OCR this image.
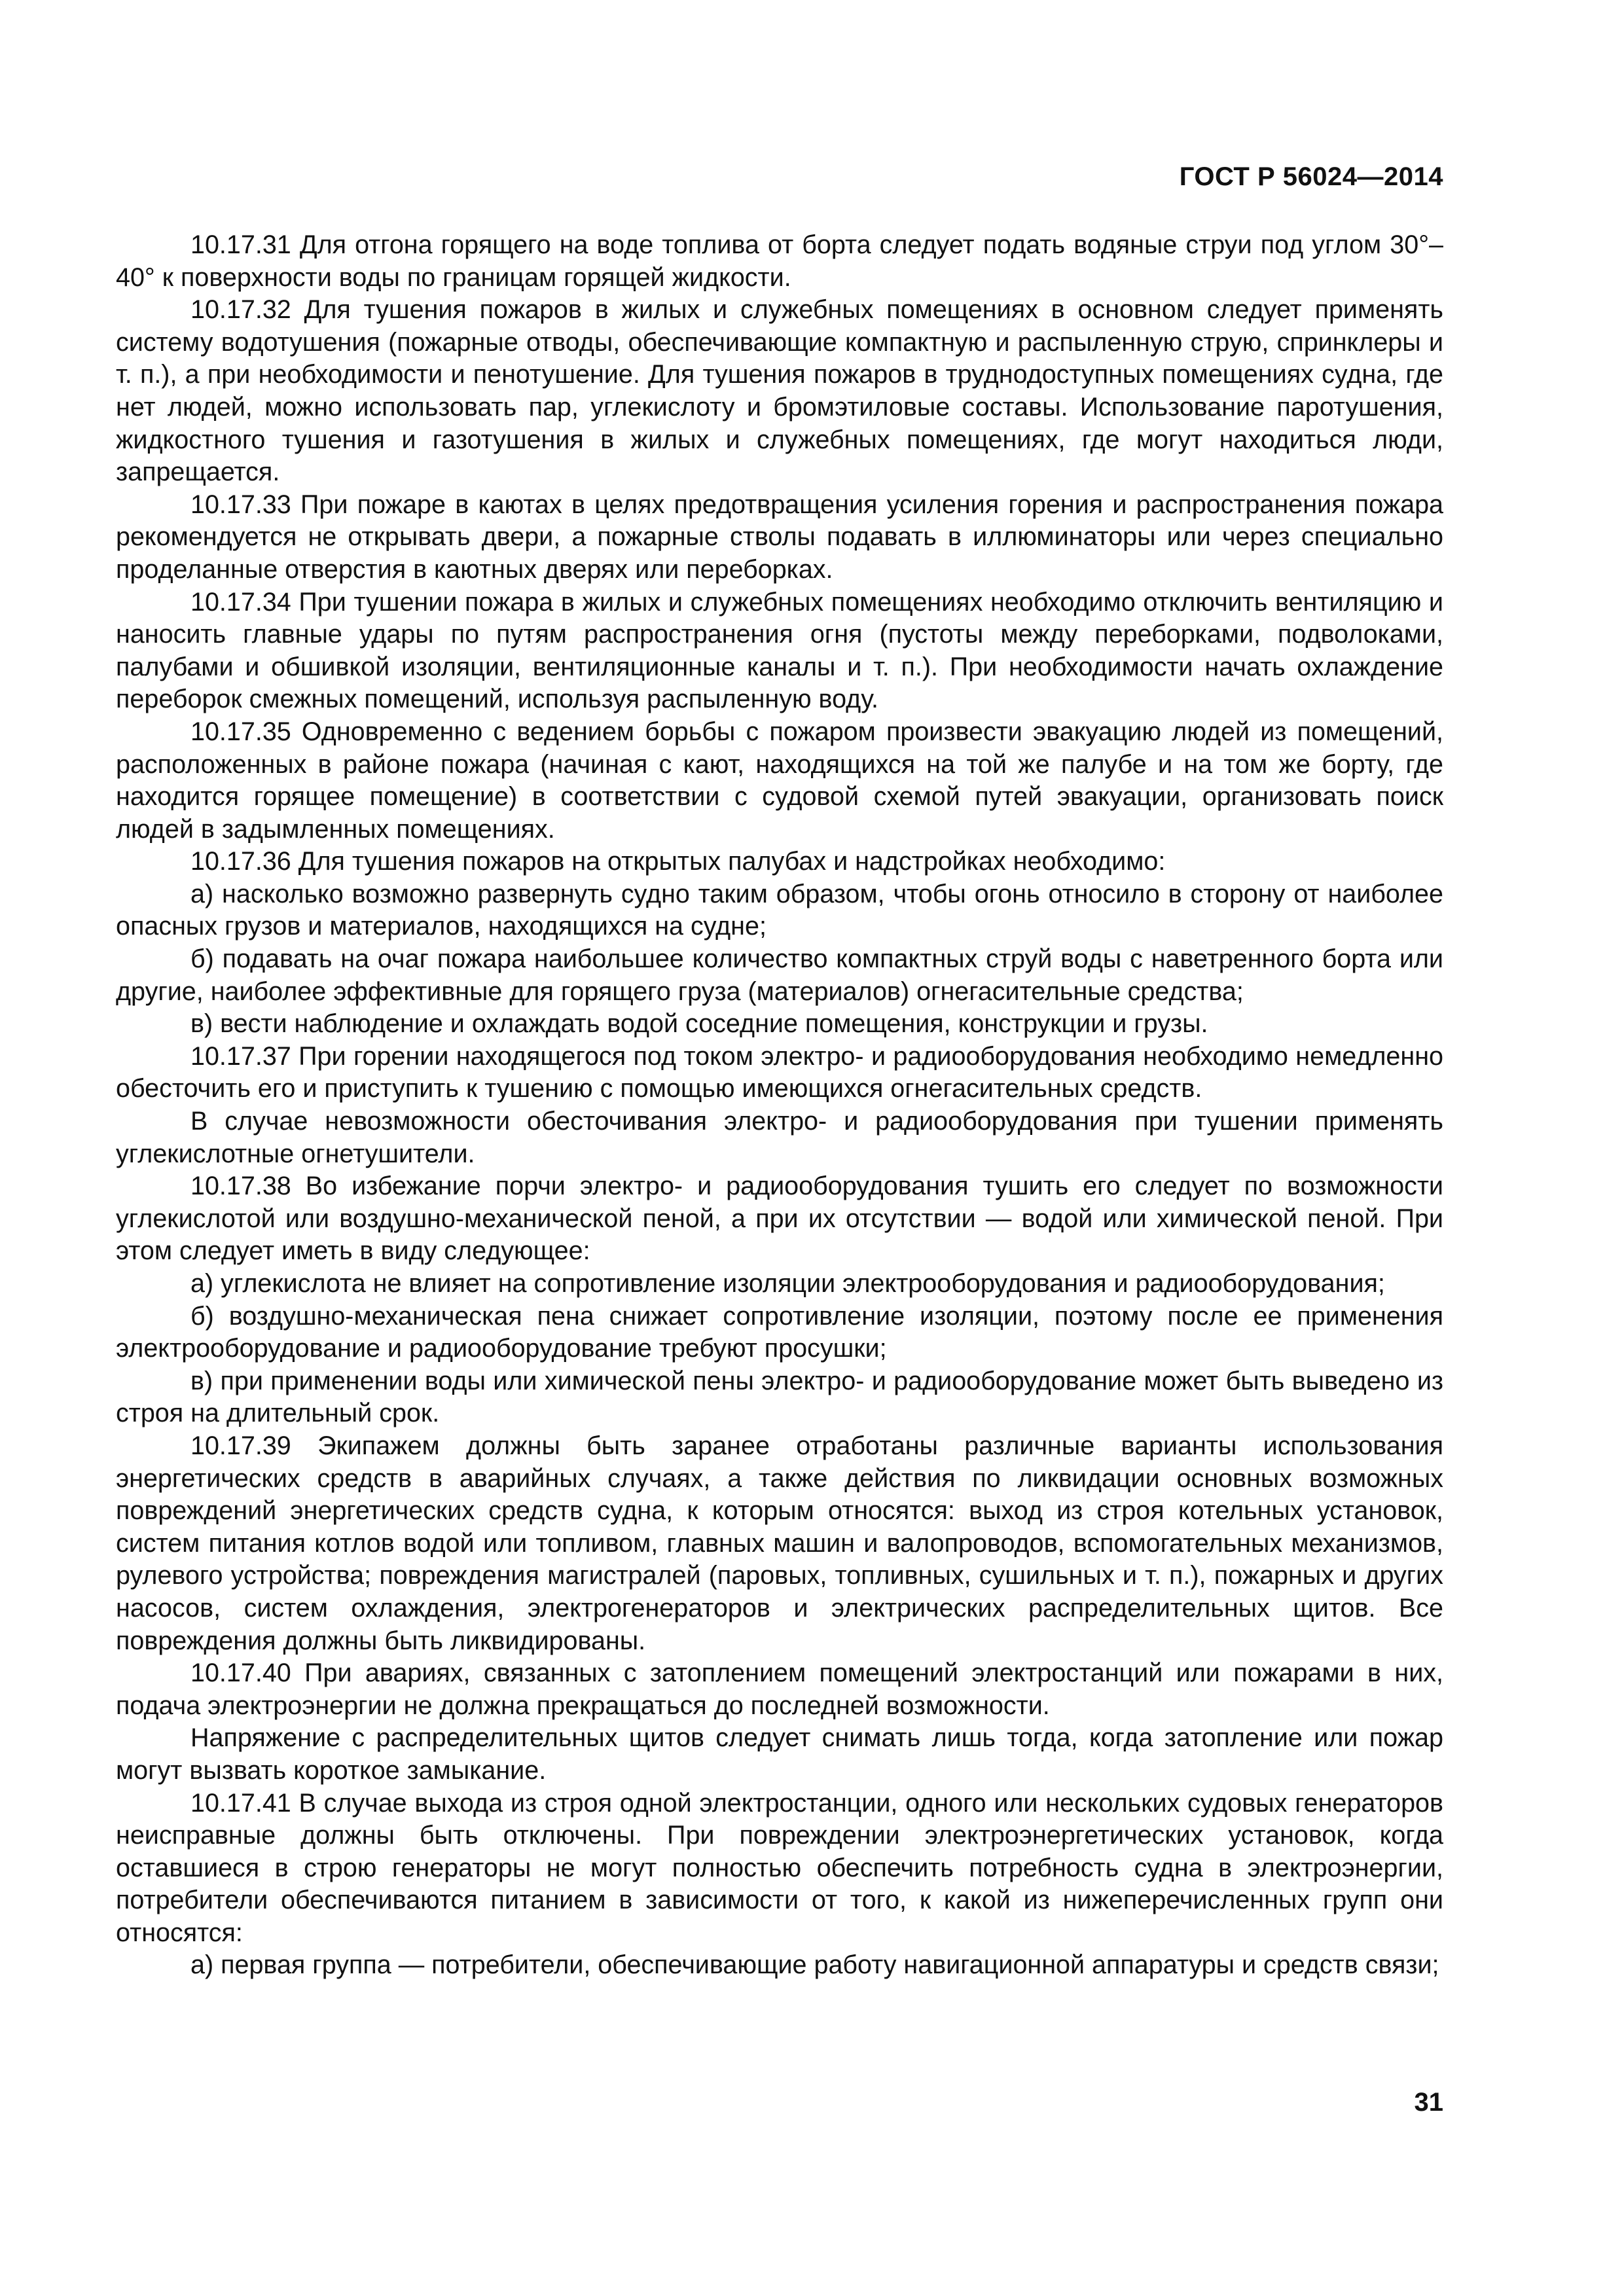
ГОСТ Р 56024—2014

10.17.31 Для отгона горящего на воде топлива от борта следует подать водяные струи под углом 30°–40° к поверхности воды по границам горящей жидкости.

10.17.32 Для тушения пожаров в жилых и служебных помещениях в основном следует применять систему водотушения (пожарные отводы, обеспечивающие компактную и распыленную струю, спринклеры и т. п.), а при необходимости и пенотушение. Для тушения пожаров в труднодоступных помещениях судна, где нет людей, можно использовать пар, углекислоту и бромэтиловые составы. Использование паротушения, жидкостного тушения и газотушения в жилых и служебных помещениях, где могут находиться люди, запрещается.

10.17.33 При пожаре в каютах в целях предотвращения усиления горения и распространения пожара рекомендуется не открывать двери, а пожарные стволы подавать в иллюминаторы или через специально проделанные отверстия в каютных дверях или переборках.

10.17.34 При тушении пожара в жилых и служебных помещениях необходимо отключить вентиляцию и наносить главные удары по путям распространения огня (пустоты между переборками, подволоками, палубами и обшивкой изоляции, вентиляционные каналы и т. п.). При необходимости начать охлаждение переборок смежных помещений, используя распыленную воду.

10.17.35 Одновременно с ведением борьбы с пожаром произвести эвакуацию людей из помещений, расположенных в районе пожара (начиная с кают, находящихся на той же палубе и на том же борту, где находится горящее помещение) в соответствии с судовой схемой путей эвакуации, организовать поиск людей в задымленных помещениях.

10.17.36 Для тушения пожаров на открытых палубах и надстройках необходимо:

а) насколько возможно развернуть судно таким образом, чтобы огонь относило в сторону от наиболее опасных грузов и материалов, находящихся на судне;

б) подавать на очаг пожара наибольшее количество компактных струй воды с наветренного борта или другие, наиболее эффективные для горящего груза (материалов) огнегасительные средства;

в) вести наблюдение и охлаждать водой соседние помещения, конструкции и грузы.

10.17.37 При горении находящегося под током электро- и радиооборудования необходимо немедленно обесточить его и приступить к тушению с помощью имеющихся огнегасительных средств.

В случае невозможности обесточивания электро- и радиооборудования при тушении применять углекислотные огнетушители.

10.17.38 Во избежание порчи электро- и радиооборудования тушить его следует по возможности углекислотой или воздушно-механической пеной, а при их отсутствии — водой или химической пеной. При этом следует иметь в виду следующее:

а) углекислота не влияет на сопротивление изоляции электрооборудования и радиооборудования;

б) воздушно-механическая пена снижает сопротивление изоляции, поэтому после ее применения электрооборудование и радиооборудование требуют просушки;

в) при применении воды или химической пены электро- и радиооборудование может быть выведено из строя на длительный срок.

10.17.39 Экипажем должны быть заранее отработаны различные варианты использования энергетических средств в аварийных случаях, а также действия по ликвидации основных возможных повреждений энергетических средств судна, к которым относятся: выход из строя котельных установок, систем питания котлов водой или топливом, главных машин и валопроводов, вспомогательных механизмов, рулевого устройства; повреждения магистралей (паровых, топливных, сушильных и т. п.), пожарных и других насосов, систем охлаждения, электрогенераторов и электрических распределительных щитов. Все повреждения должны быть ликвидированы.

10.17.40 При авариях, связанных с затоплением помещений электростанций или пожарами в них, подача электроэнергии не должна прекращаться до последней возможности.

Напряжение с распределительных щитов следует снимать лишь тогда, когда затопление или пожар могут вызвать короткое замыкание.

10.17.41 В случае выхода из строя одной электростанции, одного или нескольких судовых генераторов неисправные должны быть отключены. При повреждении электроэнергетических установок, когда оставшиеся в строю генераторы не могут полностью обеспечить потребность судна в электроэнергии, потребители обеспечиваются питанием в зависимости от того, к какой из нижеперечисленных групп они относятся:

а) первая группа — потребители, обеспечивающие работу навигационной аппаратуры и средств связи;

31
